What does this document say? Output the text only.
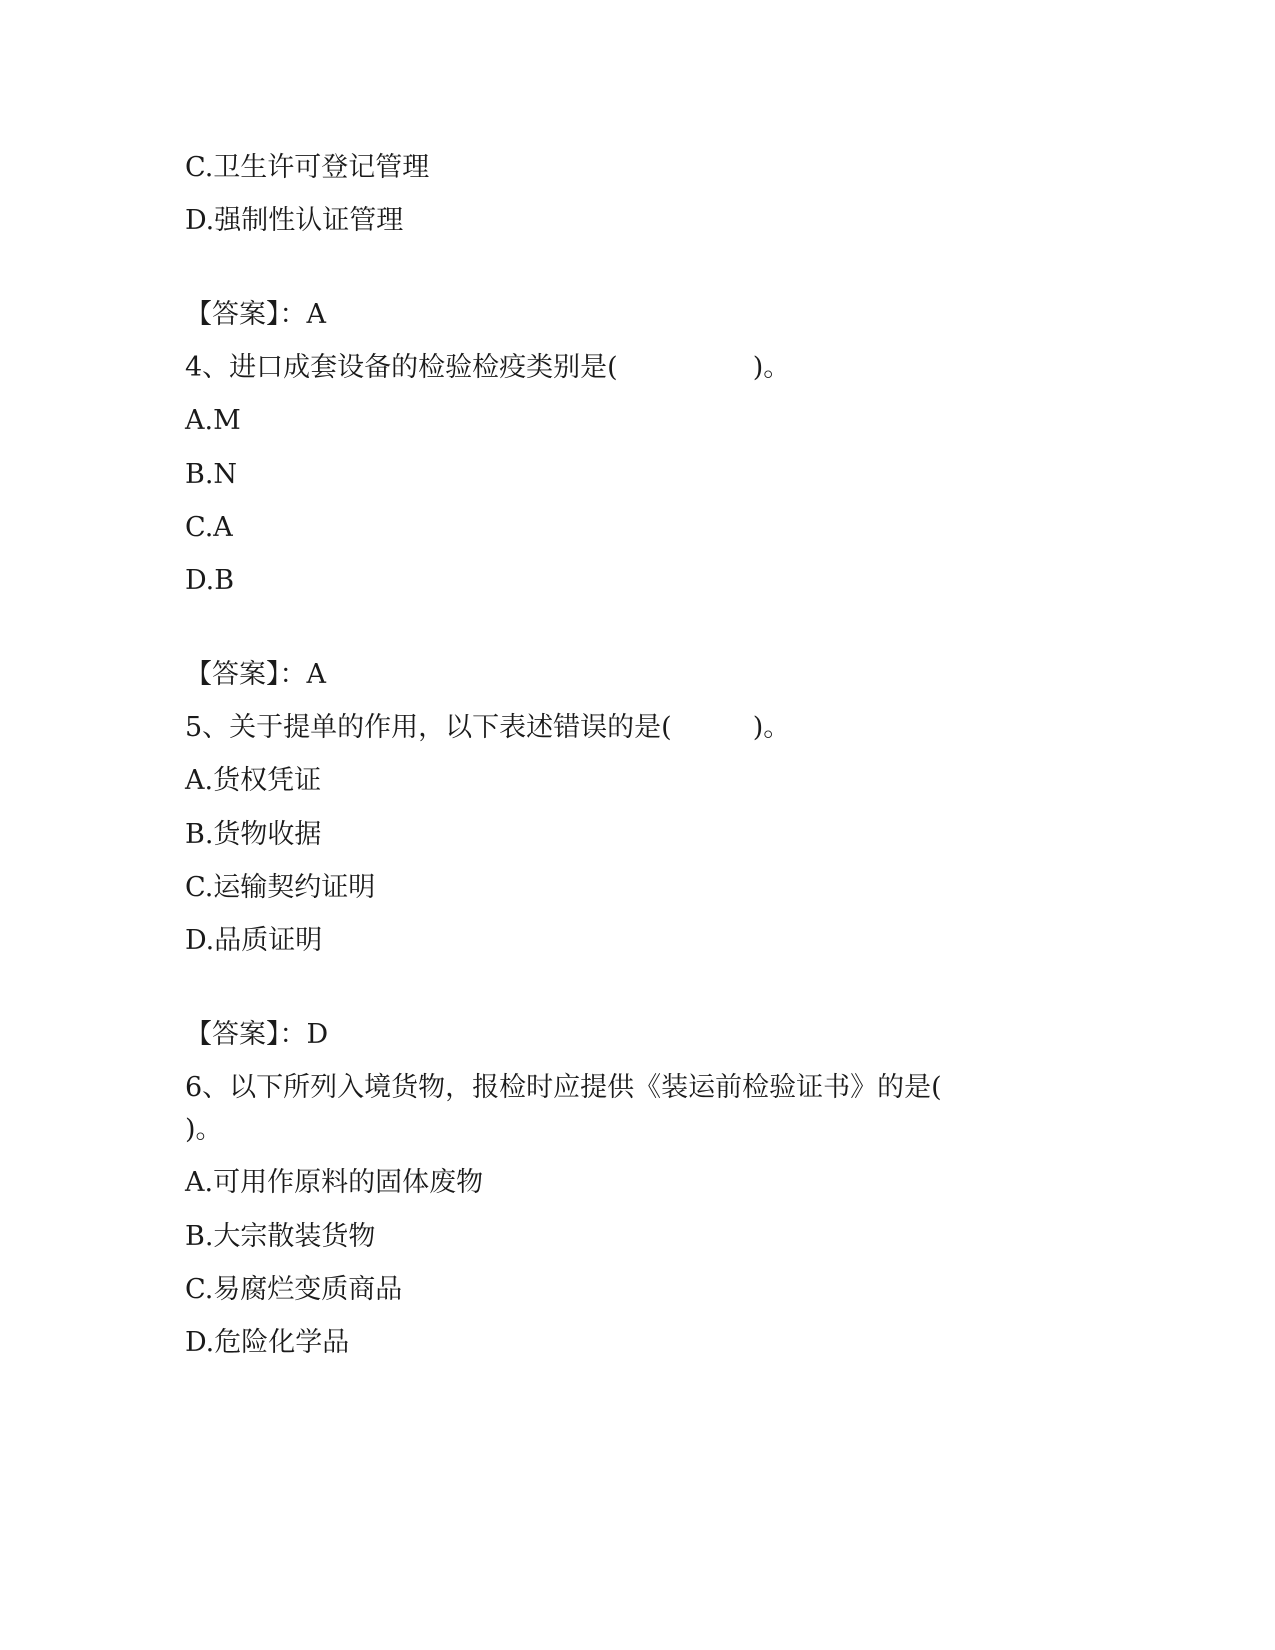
C.卫生许可登记管理
D.强制性认证管理
【答案】：A
4、进口成套设备的检验检疫类别是(　　　　　)。
A.M
B.N
C.A
D.B
【答案】：A
5、关于提单的作用，以下表述错误的是(　　　)。
A.货权凭证
B.货物收据
C.运输契约证明
D.品质证明
【答案】：D
6、以下所列入境货物，报检时应提供《装运前检验证书》的是(
)。
A.可用作原料的固体废物
B.大宗散装货物
C.易腐烂变质商品
D.危险化学品
